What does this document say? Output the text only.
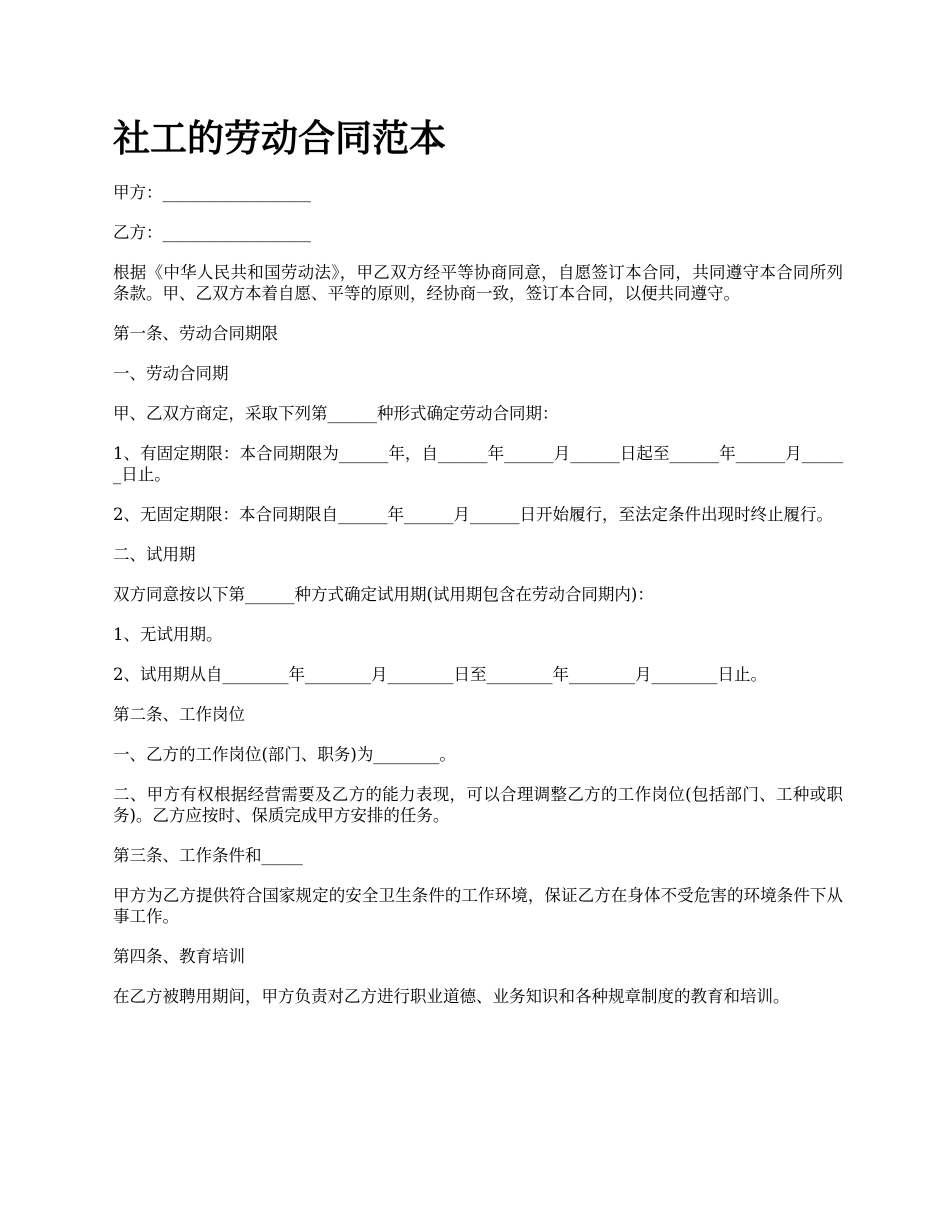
社工的劳动合同范本

甲方：__________________

乙方：__________________

根据《中华人民共和国劳动法》，甲乙双方经平等协商同意，自愿签订本合同，共同遵守本合同所列条款。甲、乙双方本着自愿、平等的原则，经协商一致，签订本合同，以便共同遵守。

第一条、劳动合同期限

一、劳动合同期

甲、乙双方商定，采取下列第______种形式确定劳动合同期：

1、有固定期限：本合同期限为______年，自______年______月______日起至______年______月______日止。

2、无固定期限：本合同期限自______年______月______日开始履行，至法定条件出现时终止履行。

二、试用期

双方同意按以下第______种方式确定试用期(试用期包含在劳动合同期内)：

1、无试用期。

2、试用期从自________年________月________日至________年________月________日止。

第二条、工作岗位

一、乙方的工作岗位(部门、职务)为________。

二、甲方有权根据经营需要及乙方的能力表现，可以合理调整乙方的工作岗位(包括部门、工种或职务)。乙方应按时、保质完成甲方安排的任务。

第三条、工作条件和_____

甲方为乙方提供符合国家规定的安全卫生条件的工作环境，保证乙方在身体不受危害的环境条件下从事工作。

第四条、教育培训

在乙方被聘用期间，甲方负责对乙方进行职业道德、业务知识和各种规章制度的教育和培训。
